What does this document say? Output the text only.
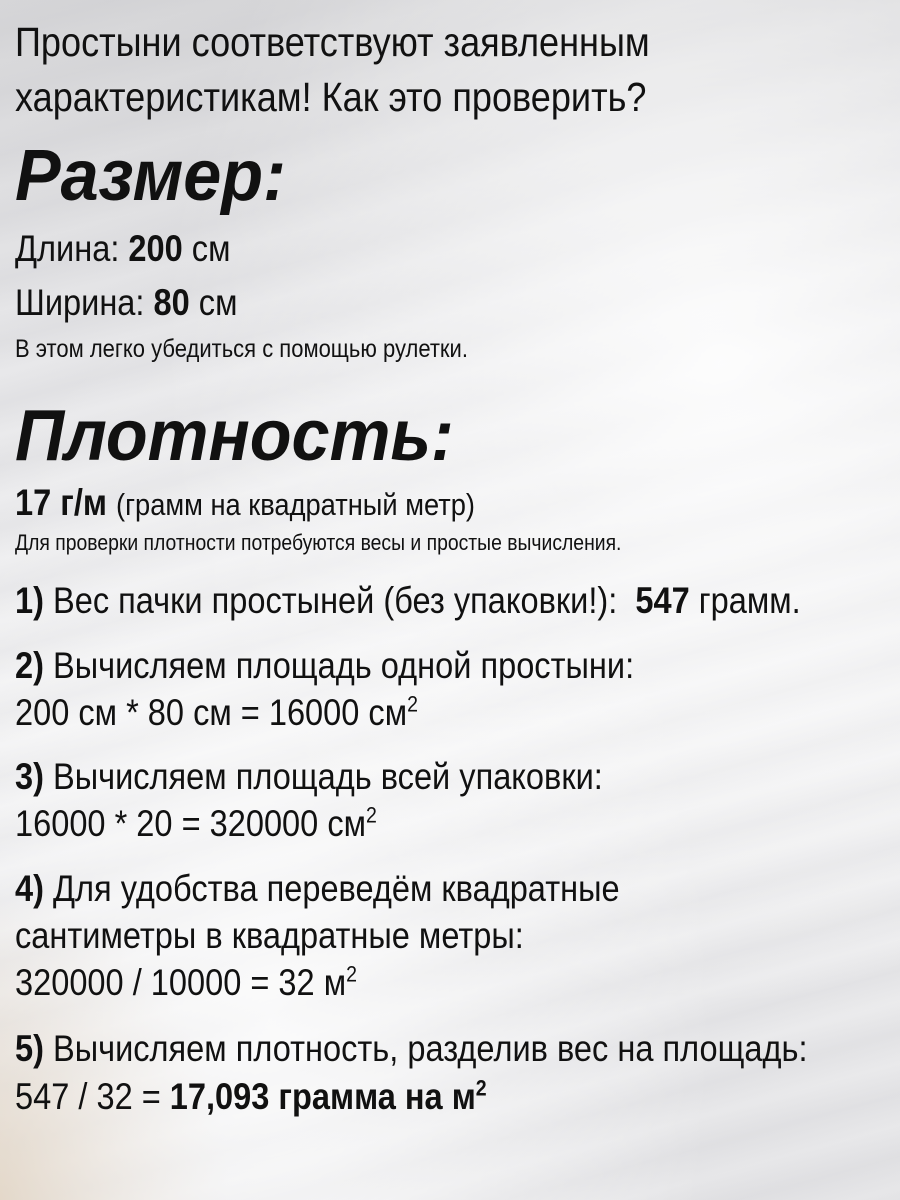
Простыни соответствуют заявленным
характеристикам! Как это проверить?
Размер:
Длина: 200 см
Ширина: 80 см
В этом легко убедиться с помощью рулетки.
Плотность:
17 г/м (грамм на квадратный метр)
Для проверки плотности потребуются весы и простые вычисления.
1) Вес пачки простыней (без упаковки!): 547 грамм.
2) Вычисляем площадь одной простыни:
200 см * 80 см = 16000 $см^2$
3) Вычисляем площадь всей упаковки:
16000 * 20 = 320000 $см^2$
4) Для удобства переведём квадратные
сантиметры в квадратные метры:
320000 / 10000 = 32 $м^2$
5) Вычисляем плотность, разделив вес на площадь:
547 / 32 = 17,093 грамма на $м^2$
